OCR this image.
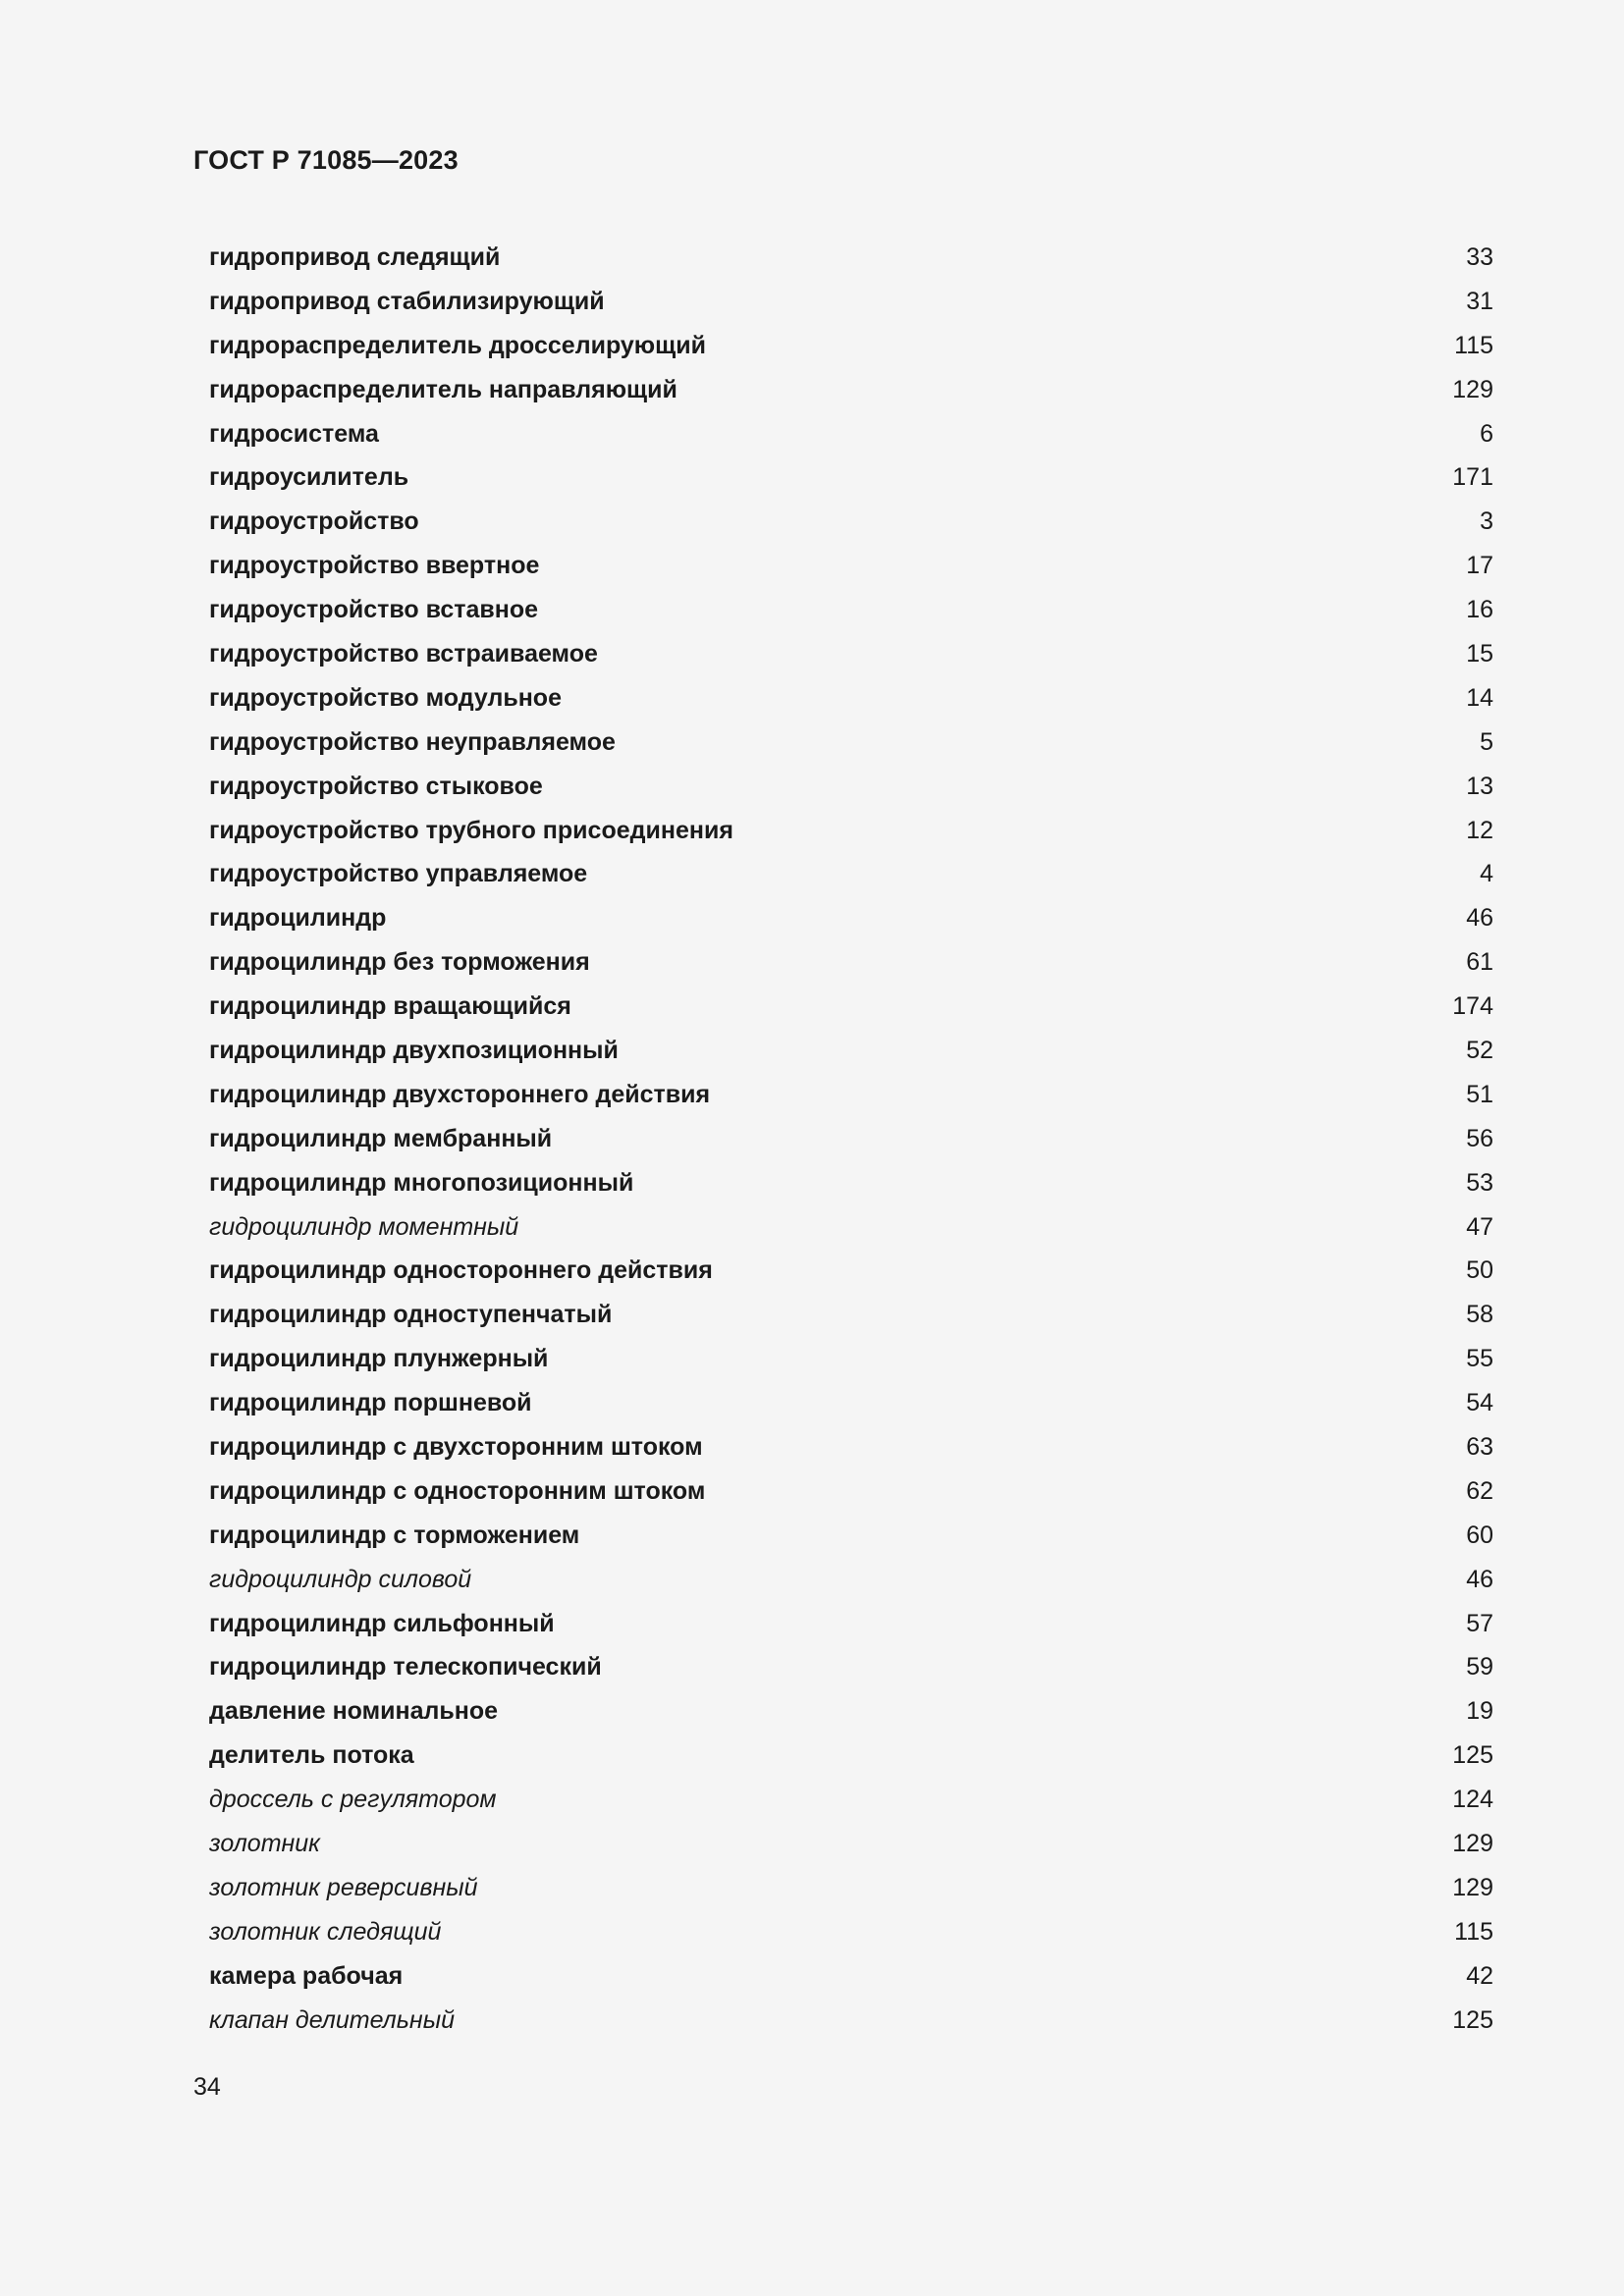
ГОСТ Р 71085—2023
гидропривод следящий	33
гидропривод стабилизирующий	31
гидрораспределитель дросселирующий	115
гидрораспределитель направляющий	129
гидросистема	6
гидроусилитель	171
гидроустройство	3
гидроустройство ввертное	17
гидроустройство вставное	16
гидроустройство встраиваемое	15
гидроустройство модульное	14
гидроустройство неуправляемое	5
гидроустройство стыковое	13
гидроустройство трубного присоединения	12
гидроустройство управляемое	4
гидроцилиндр	46
гидроцилиндр без торможения	61
гидроцилиндр вращающийся	174
гидроцилиндр двухпозиционный	52
гидроцилиндр двухстороннего действия	51
гидроцилиндр мембранный	56
гидроцилиндр многопозиционный	53
гидроцилиндр моментный	47
гидроцилиндр одностороннего действия	50
гидроцилиндр одноступенчатый	58
гидроцилиндр плунжерный	55
гидроцилиндр поршневой	54
гидроцилиндр с двухсторонним штоком	63
гидроцилиндр с односторонним штоком	62
гидроцилиндр с торможением	60
гидроцилиндр силовой	46
гидроцилиндр сильфонный	57
гидроцилиндр телескопический	59
давление номинальное	19
делитель потока	125
дроссель с регулятором	124
золотник	129
золотник реверсивный	129
золотник следящий	115
камера рабочая	42
клапан делительный	125
34
